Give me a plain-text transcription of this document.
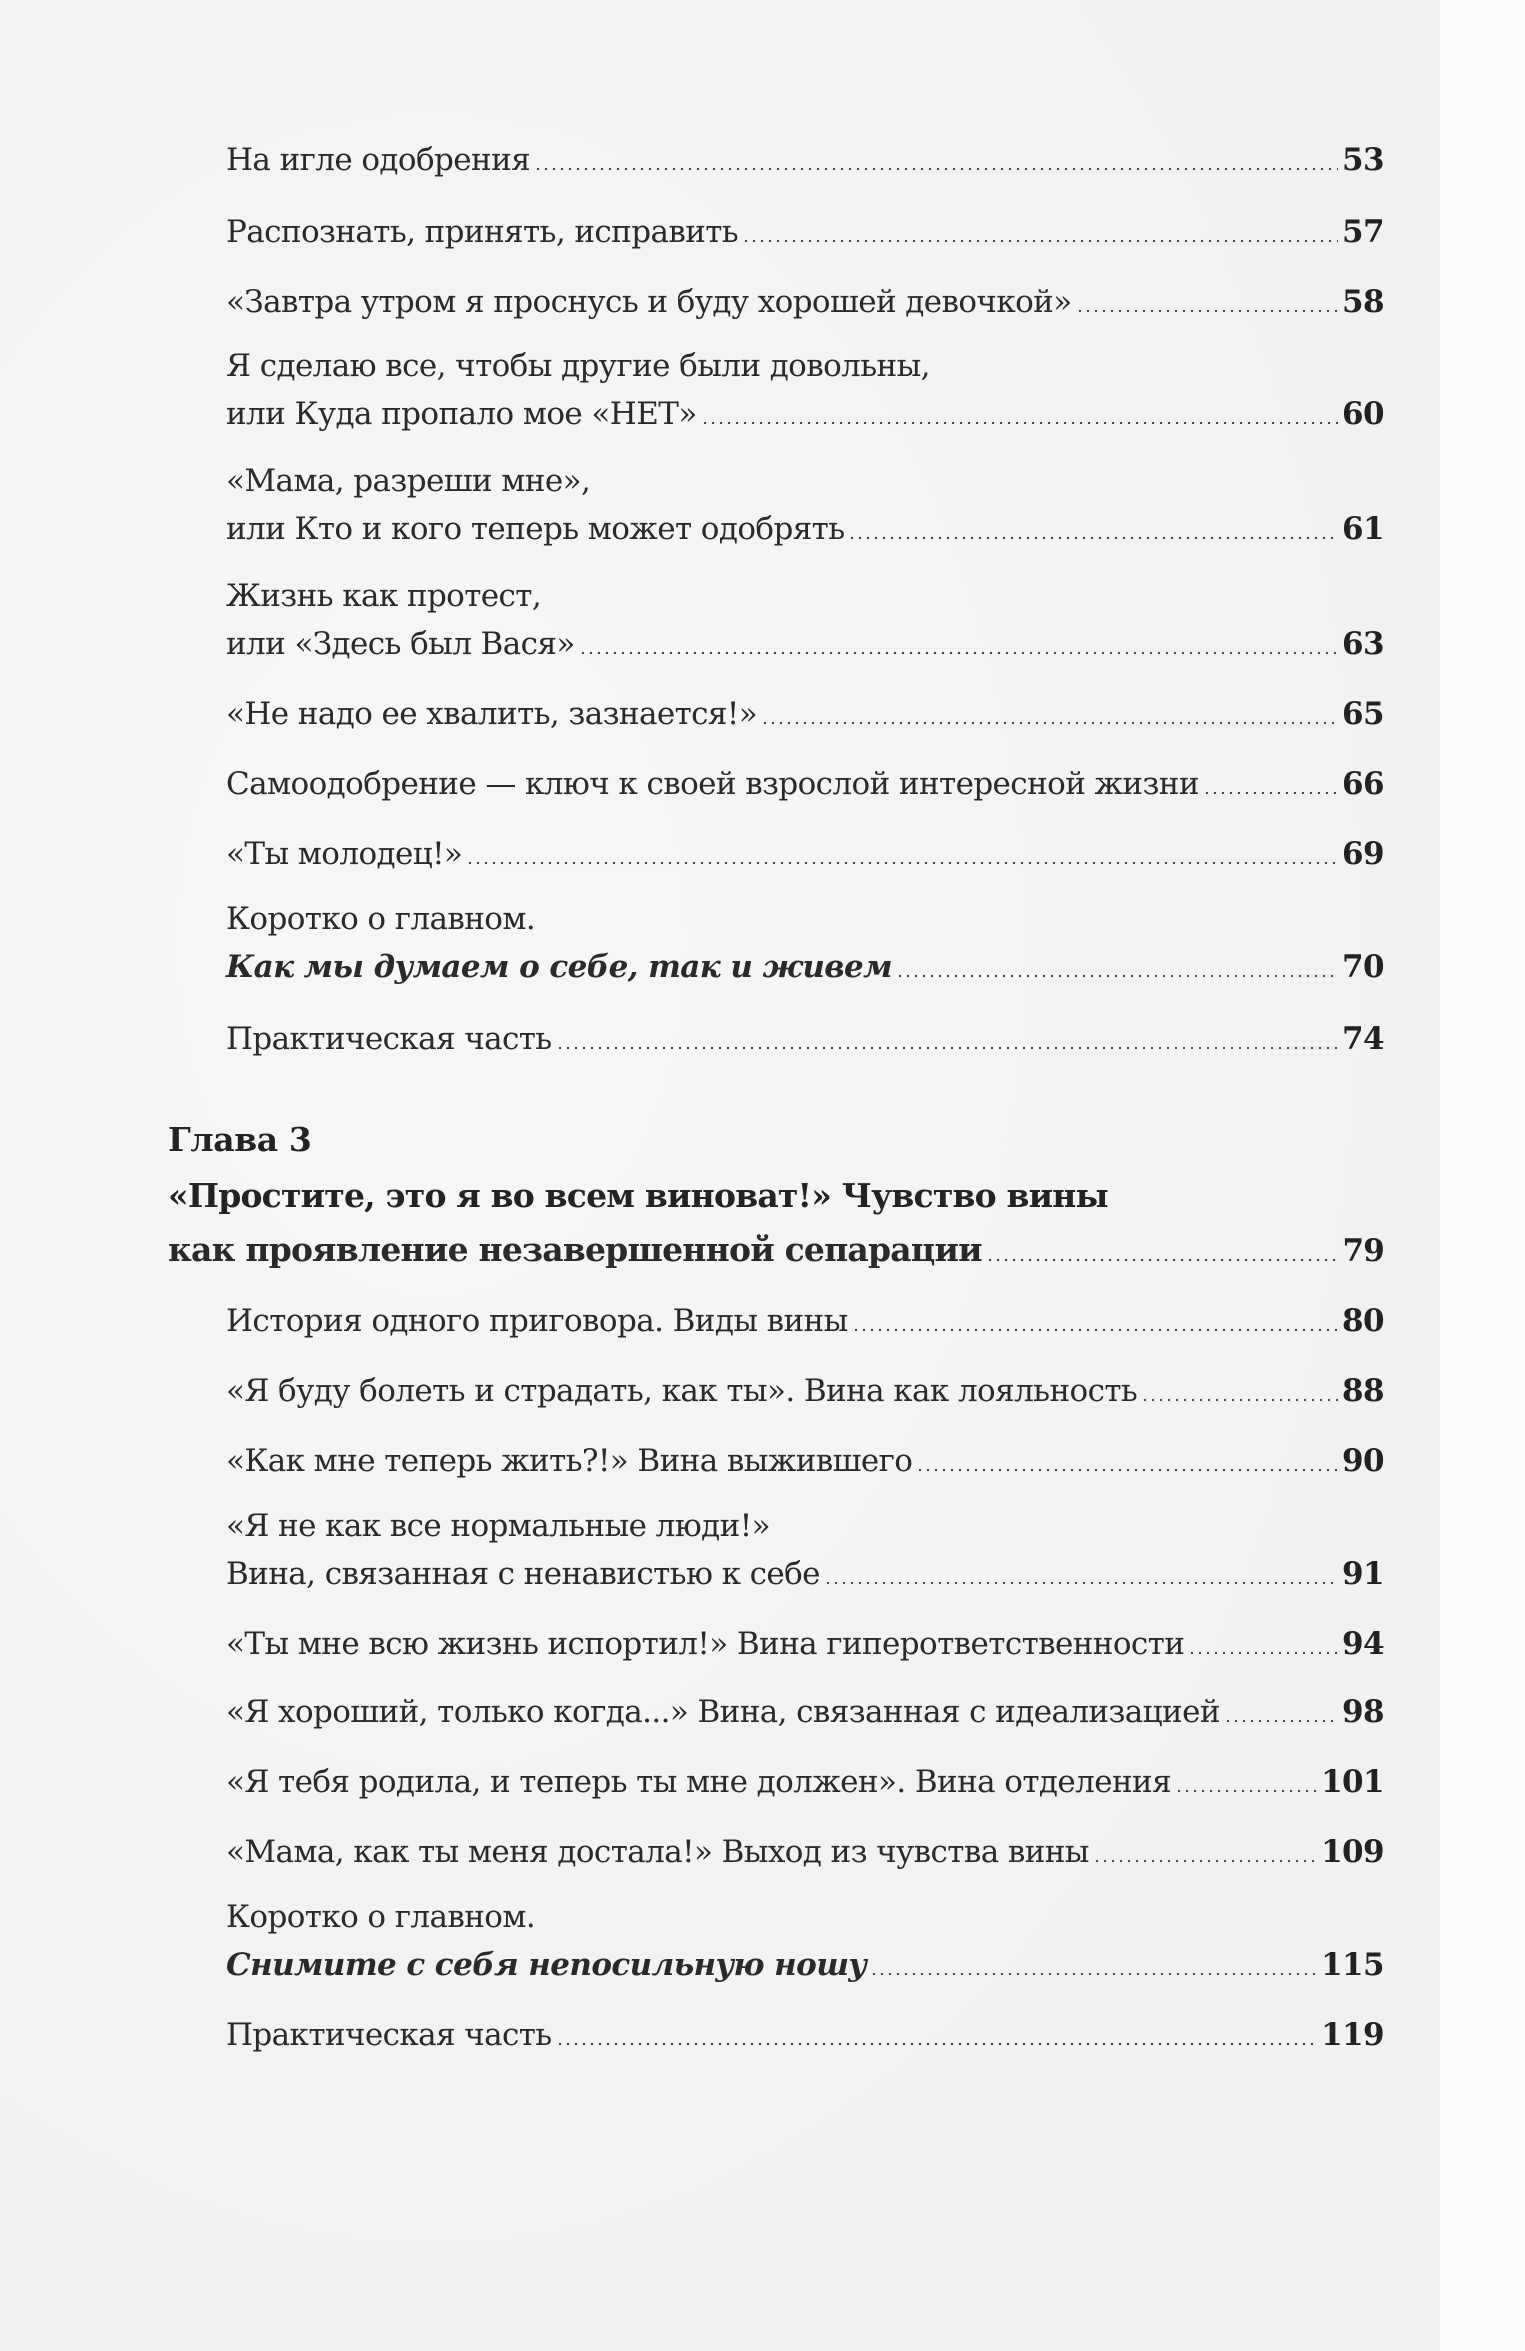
На игле одобрения	53
Распознать, принять, исправить	57
«Завтра утром я проснусь и буду хорошей девочкой»	58
Я сделаю все, чтобы другие были довольны,
или Куда пропало мое «НЕТ»	60
«Мама, разреши мне»,
или Кто и кого теперь может одобрять	61
Жизнь как протест,
или «Здесь был Вася»	63
«Не надо ее хвалить, зазнается!»	65
Самоодобрение — ключ к своей взрослой интересной жизни	66
«Ты молодец!»	69
Коротко о главном.
Как мы думаем о себе, так и живем	70
Практическая часть	74
Глава 3
«Простите, это я во всем виноват!» Чувство вины
как проявление незавершенной сепарации	79
История одного приговора. Виды вины	80
«Я буду болеть и страдать, как ты». Вина как лояльность	88
«Как мне теперь жить?!» Вина выжившего	90
«Я не как все нормальные люди!»
Вина, связанная с ненавистью к себе	91
«Ты мне всю жизнь испортил!» Вина гиперответственности	94
«Я хороший, только когда...» Вина, связанная с идеализацией	98
«Я тебя родила, и теперь ты мне должен». Вина отделения	101
«Мама, как ты меня достала!» Выход из чувства вины	109
Коротко о главном.
Снимите с себя непосильную ношу	115
Практическая часть	119
